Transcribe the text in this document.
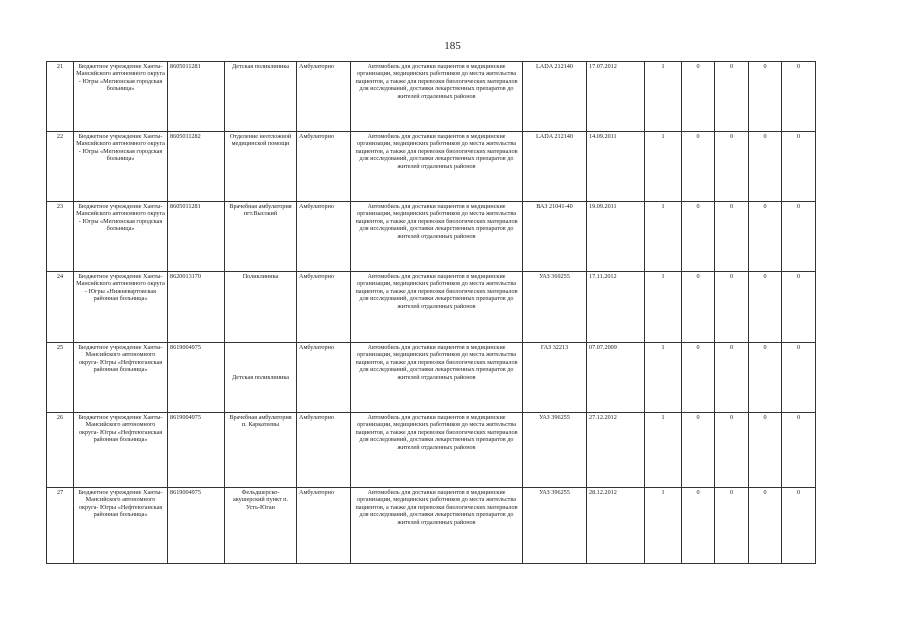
185
21	Бюджетное учреждение Ханты-Мансийского автономного округа - Югры «Мегионская городская больница»	8605011281	Детская поликлиника	Амбулаторно	Автомобиль для доставки пациентов в медицинские организации, медицинских работников до места жительства пациентов, а также для перевозки биологических материалов для исследований, доставки лекарственных препаратов до жителей отдаленных районов	LADA 212140	17.07.2012	1	0	0	0	0
22	Бюджетное учреждение Ханты-Мансийского автономного округа - Югры «Мегионская городская больница»	8605011282	Отделение неотложной медицинской помощи	Амбулаторно	Автомобиль для доставки пациентов в медицинские организации, медицинских работников до места жительства пациентов, а также для перевозки биологических материалов для исследований, доставки лекарственных препаратов до жителей отдаленных районов	LADA 212140	14.09.2011	1	0	0	0	0
23	Бюджетное учреждение Ханты-Мансийского автономного округа - Югры «Мегионская городская больница»	8605011281	Врачебная амбулатория пгт.Высокий	Амбулаторно	Автомобиль для доставки пациентов в медицинские организации, медицинских работников до места жительства пациентов, а также для перевозки биологических материалов для исследований, доставки лекарственных препаратов до жителей отдаленных районов	ВАЗ 21041-40	19.09.2011	1	0	0	0	0
24	Бюджетное учреждение Ханты-Мансийского автономного округа - Югры «Нижневартовская районная больница»	8620013170	Поликлиника	Амбулаторно	Автомобиль для доставки пациентов в медицинские организации, медицинских работников до места жительства пациентов, а также для перевозки биологических материалов для исследований, доставки лекарственных препаратов до жителей отдаленных районов	УАЗ 369255	17.11.2012	1	0	0	0	0
25	Бюджетное учреждение Ханты-Мансийского автономного округа- Югры «Нефтеюганская районная больница»	8619004975	Детская поликлиника	Амбулаторно	Автомобиль для доставки пациентов в медицинские организации, медицинских работников до места жительства пациентов, а также для перевозки биологических материалов для исследований, доставки лекарственных препаратов до жителей отдаленных районов	ГАЗ 32213	07.07.2009	1	0	0	0	0
26	Бюджетное учреждение Ханты-Мансийского автономного округа- Югры «Нефтеюганская районная больница»	8619004975	Врачебная амбулатория п. Каркатеевы	Амбулаторно	Автомобиль для доставки пациентов в медицинские организации, медицинских работников до места жительства пациентов, а также для перевозки биологических материалов для исследований, доставки лекарственных препаратов до жителей отдаленных районов	УАЗ 396255	27.12.2012	1	0	0	0	0
27	Бюджетное учреждение Ханты-Мансийского автономного округа- Югры «Нефтеюганская районная больница»	8619004975	Фельдшерско-акушерский пункт п. Усть-Юган	Амбулаторно	Автомобиль для доставки пациентов в медицинские организации, медицинских работников до места жительства пациентов, а также для перевозки биологических материалов для исследований, доставки лекарственных препаратов до жителей отдаленных районов	УАЗ 396255	28.12.2012	1	0	0	0	0
